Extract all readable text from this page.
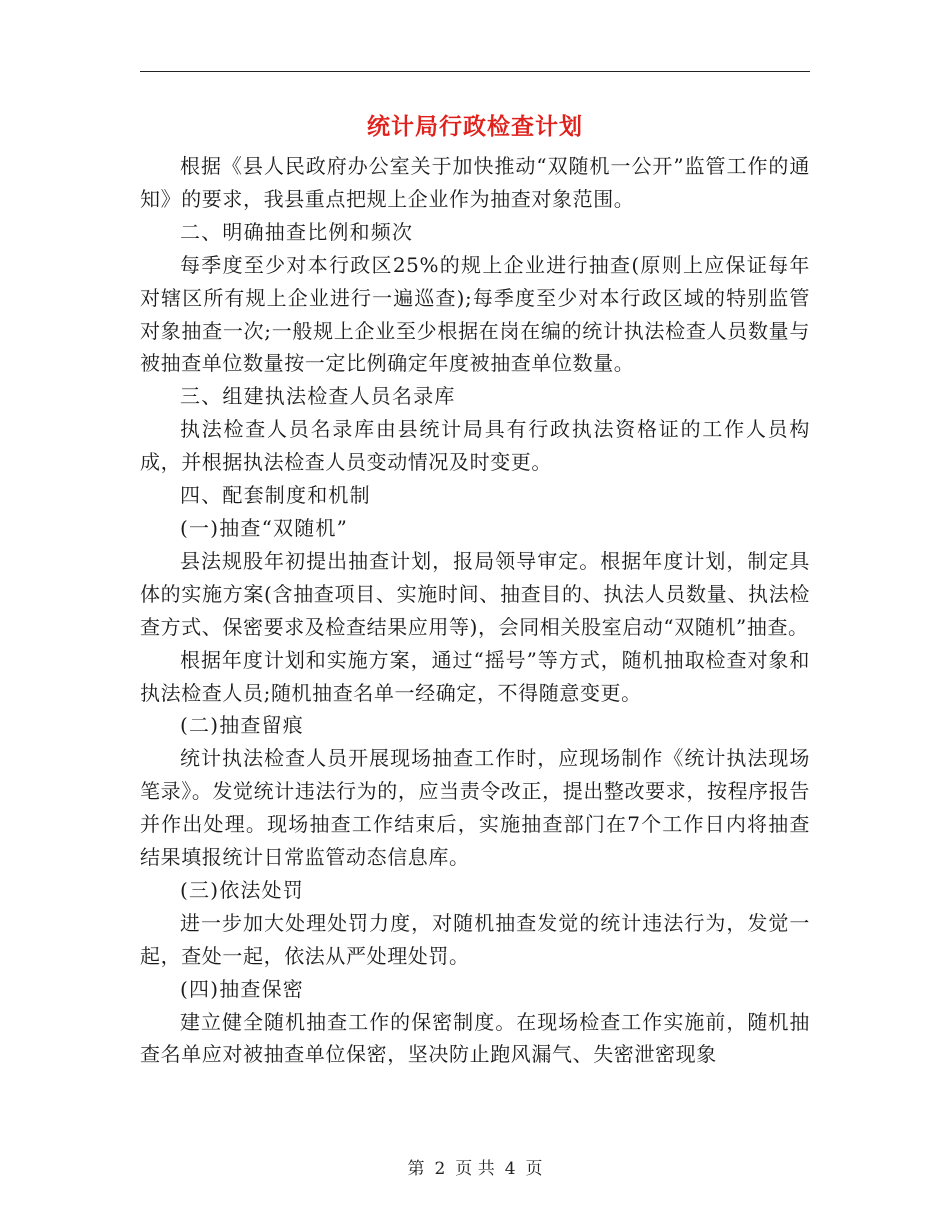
统计局行政检查计划

根据《县人民政府办公室关于加快推动“双随机一公开”监管工作的通知》的要求，我县重点把规上企业作为抽查对象范围。

二、明确抽查比例和频次

每季度至少对本行政区25%的规上企业进行抽查(原则上应保证每年对辖区所有规上企业进行一遍巡查);每季度至少对本行政区域的特别监管对象抽查一次;一般规上企业至少根据在岗在编的统计执法检查人员数量与被抽查单位数量按一定比例确定年度被抽查单位数量。

三、组建执法检查人员名录库

执法检查人员名录库由县统计局具有行政执法资格证的工作人员构成，并根据执法检查人员变动情况及时变更。

四、配套制度和机制

(一)抽查“双随机”

县法规股年初提出抽查计划，报局领导审定。根据年度计划，制定具体的实施方案(含抽查项目、实施时间、抽查目的、执法人员数量、执法检查方式、保密要求及检查结果应用等)，会同相关股室启动“双随机”抽查。

根据年度计划和实施方案，通过“摇号”等方式，随机抽取检查对象和执法检查人员;随机抽查名单一经确定，不得随意变更。

(二)抽查留痕

统计执法检查人员开展现场抽查工作时，应现场制作《统计执法现场笔录》。发觉统计违法行为的，应当责令改正，提出整改要求，按程序报告并作出处理。现场抽查工作结束后，实施抽查部门在7个工作日内将抽查结果填报统计日常监管动态信息库。

(三)依法处罚

进一步加大处理处罚力度，对随机抽查发觉的统计违法行为，发觉一起，查处一起，依法从严处理处罚。

(四)抽查保密

建立健全随机抽查工作的保密制度。在现场检查工作实施前，随机抽查名单应对被抽查单位保密，坚决防止跑风漏气、失密泄密现象

第 2 页 共 4 页
